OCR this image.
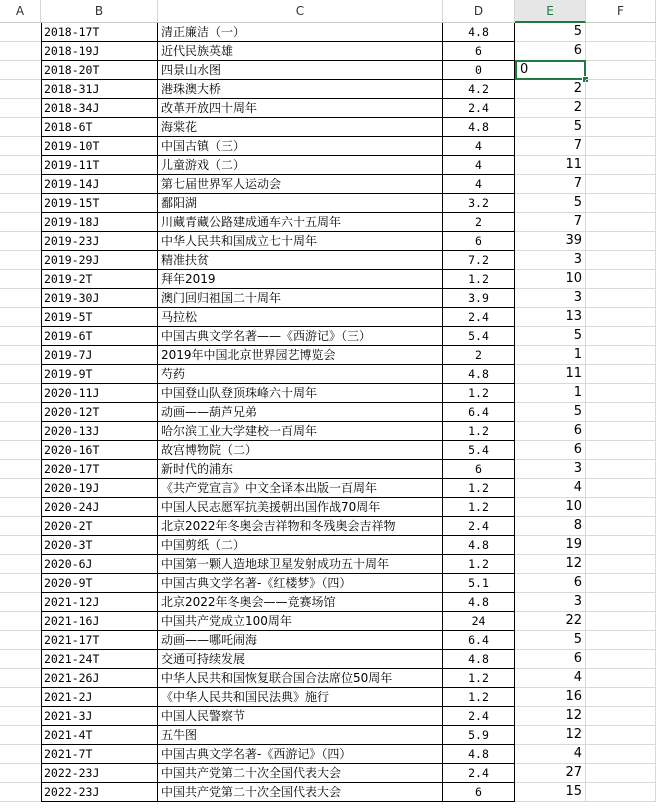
A	B	C	D	E	F
2018-17T	清正廉洁（一）	4.8	5
2018-19J	近代民族英雄	6	6
2018-20T	四景山水图	0	0
2018-31J	港珠澳大桥	4.2	2
2018-34J	改革开放四十周年	2.4	2
2018-6T	海棠花	4.8	5
2019-10T	中国古镇（三）	4	7
2019-11T	儿童游戏（二）	4	11
2019-14J	第七届世界军人运动会	4	7
2019-15T	鄱阳湖	3.2	5
2019-18J	川藏青藏公路建成通车六十五周年	2	7
2019-23J	中华人民共和国成立七十周年	6	39
2019-29J	精准扶贫	7.2	3
2019-2T	拜年2019	1.2	10
2019-30J	澳门回归祖国二十周年	3.9	3
2019-5T	马拉松	2.4	13
2019-6T	中国古典文学名著——《西游记》（三）	5.4	5
2019-7J	2019年中国北京世界园艺博览会	2	1
2019-9T	芍药	4.8	11
2020-11J	中国登山队登顶珠峰六十周年	1.2	1
2020-12T	动画——葫芦兄弟	6.4	5
2020-13J	哈尔滨工业大学建校一百周年	1.2	6
2020-16T	故宫博物院（二）	5.4	6
2020-17T	新时代的浦东	6	3
2020-19J	《共产党宣言》中文全译本出版一百周年	1.2	4
2020-24J	中国人民志愿军抗美援朝出国作战70周年	1.2	10
2020-2T	北京2022年冬奥会吉祥物和冬残奥会吉祥物	2.4	8
2020-3T	中国剪纸（二）	4.8	19
2020-6J	中国第一颗人造地球卫星发射成功五十周年	1.2	12
2020-9T	中国古典文学名著-《红楼梦》（四）	5.1	6
2021-12J	北京2022年冬奥会——竞赛场馆	4.8	3
2021-16J	中国共产党成立100周年	24	22
2021-17T	动画——哪吒闹海	6.4	5
2021-24T	交通可持续发展	4.8	6
2021-26J	中华人民共和国恢复联合国合法席位50周年	1.2	4
2021-2J	《中华人民共和国民法典》施行	1.2	16
2021-3J	中国人民警察节	2.4	12
2021-4T	五牛图	5.9	12
2021-7T	中国古典文学名著-《西游记》（四）	4.8	4
2022-23J	中国共产党第二十次全国代表大会	2.4	27
2022-23J	中国共产党第二十次全国代表大会	6	15
